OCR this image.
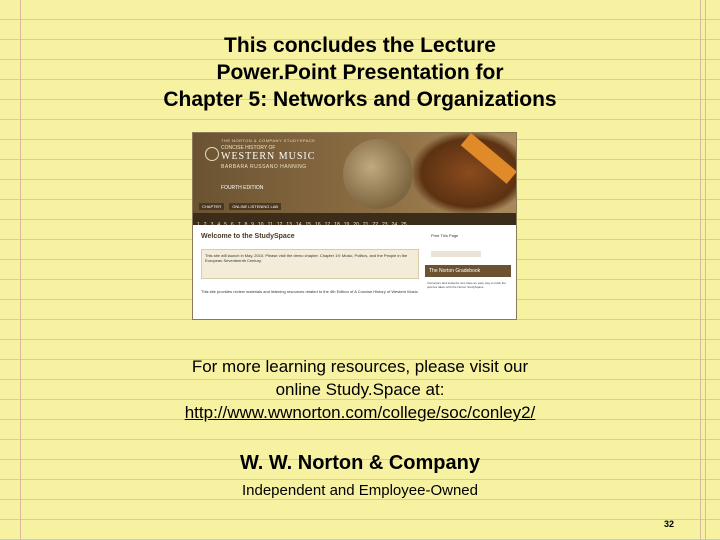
This concludes the Lecture
Power.Point Presentation for
Chapter 5: Networks and Organizations
THE NORTON & COMPANY STUDYSPACE
CONCISE HISTORY OF
WESTERN MUSIC
BARBARA RUSSANO HANNING
FOURTH EDITION
CHAPTER	ONLINE LISTENING LAB
Welcome to the StudySpace
This site will launch in May, 2010. Please visit the demo chapter. Chapter 19: Music, Politics, and the People in the European Seventeenth Century.
This site provides review materials and listening resources related to the 4th Edition of A Concise History of Western Music.
Print This Page
The Norton Gradebook
Instructors and students now have an easy way to track the quizzes taken with the Norton StudySpace.
For more learning resources, please visit our
online Study.Space at:
http://www.wwnorton.com/college/soc/conley2/
W. W. Norton & Company
Independent and Employee-Owned
32
